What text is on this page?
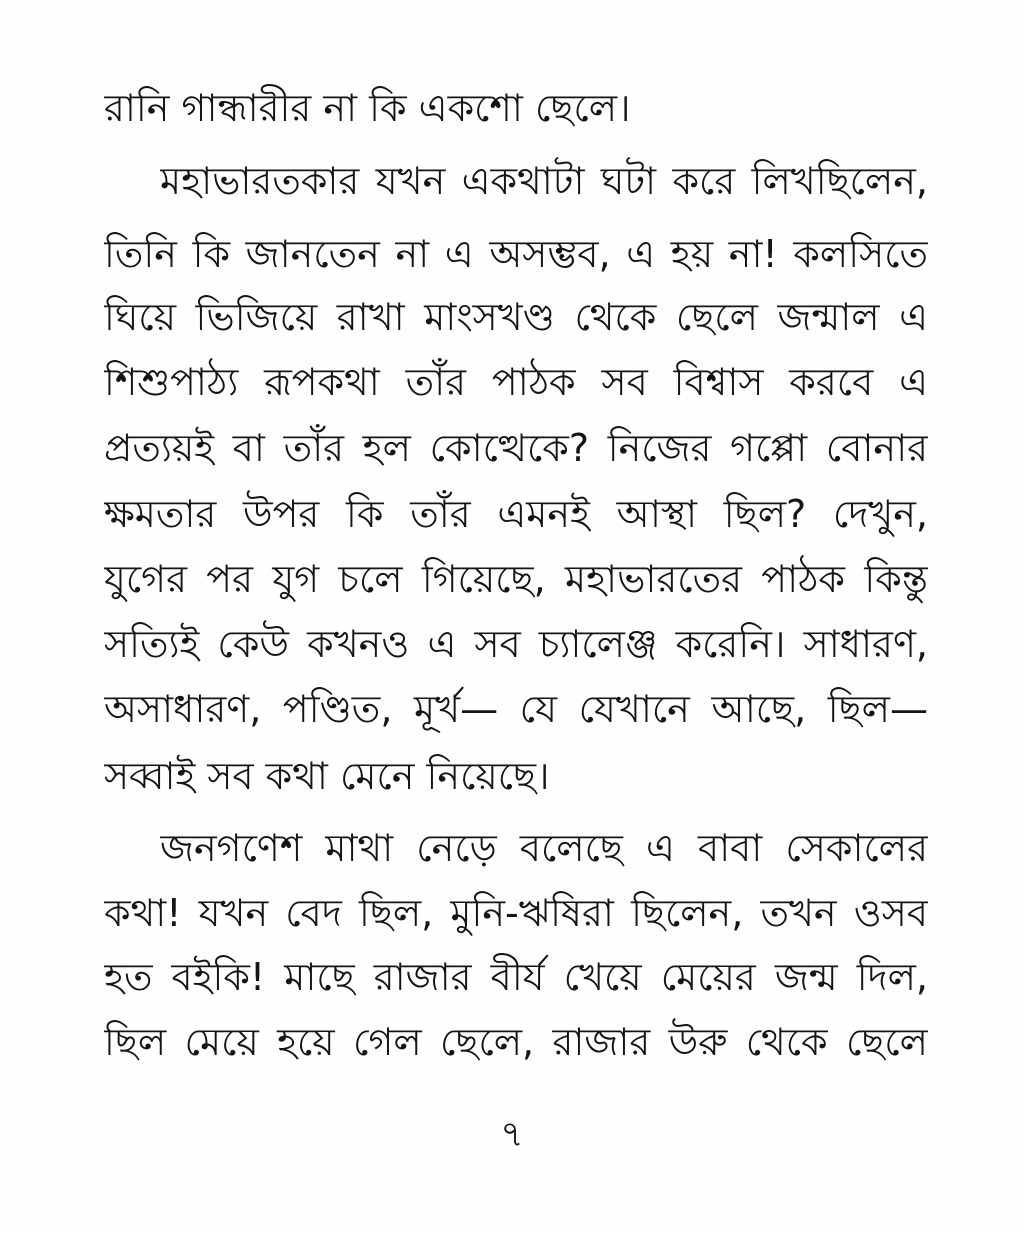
রানি গান্ধারীর না কি একশো ছেলে।
মহাভারতকার যখন একথাটা ঘটা করে লিখছিলেন,
তিনি কি জানতেন না এ অসম্ভব, এ হয় না! কলসিতে
ঘিয়ে ভিজিয়ে রাখা মাংসখণ্ড থেকে ছেলে জন্মাল এ
শিশুপাঠ্য রূপকথা তাঁর পাঠক সব বিশ্বাস করবে এ
প্রত্যয়ই বা তাঁর হল কোত্থেকে? নিজের গপ্পো বোনার
ক্ষমতার উপর কি তাঁর এমনই আস্থা ছিল? দেখুন,
যুগের পর যুগ চলে গিয়েছে, মহাভারতের পাঠক কিন্তু
সত্যিই কেউ কখনও এ সব চ্যালেঞ্জ করেনি। সাধারণ,
অসাধারণ, পণ্ডিত, মূর্খ— যে যেখানে আছে, ছিল—
সব্বাই সব কথা মেনে নিয়েছে।
জনগণেশ মাথা নেড়ে বলেছে এ বাবা সেকালের
কথা! যখন বেদ ছিল, মুনি-ঋষিরা ছিলেন, তখন ওসব
হত বইকি! মাছে রাজার বীর্য খেয়ে মেয়ের জন্ম দিল,
ছিল মেয়ে হয়ে গেল ছেলে, রাজার উরু থেকে ছেলে
৭
